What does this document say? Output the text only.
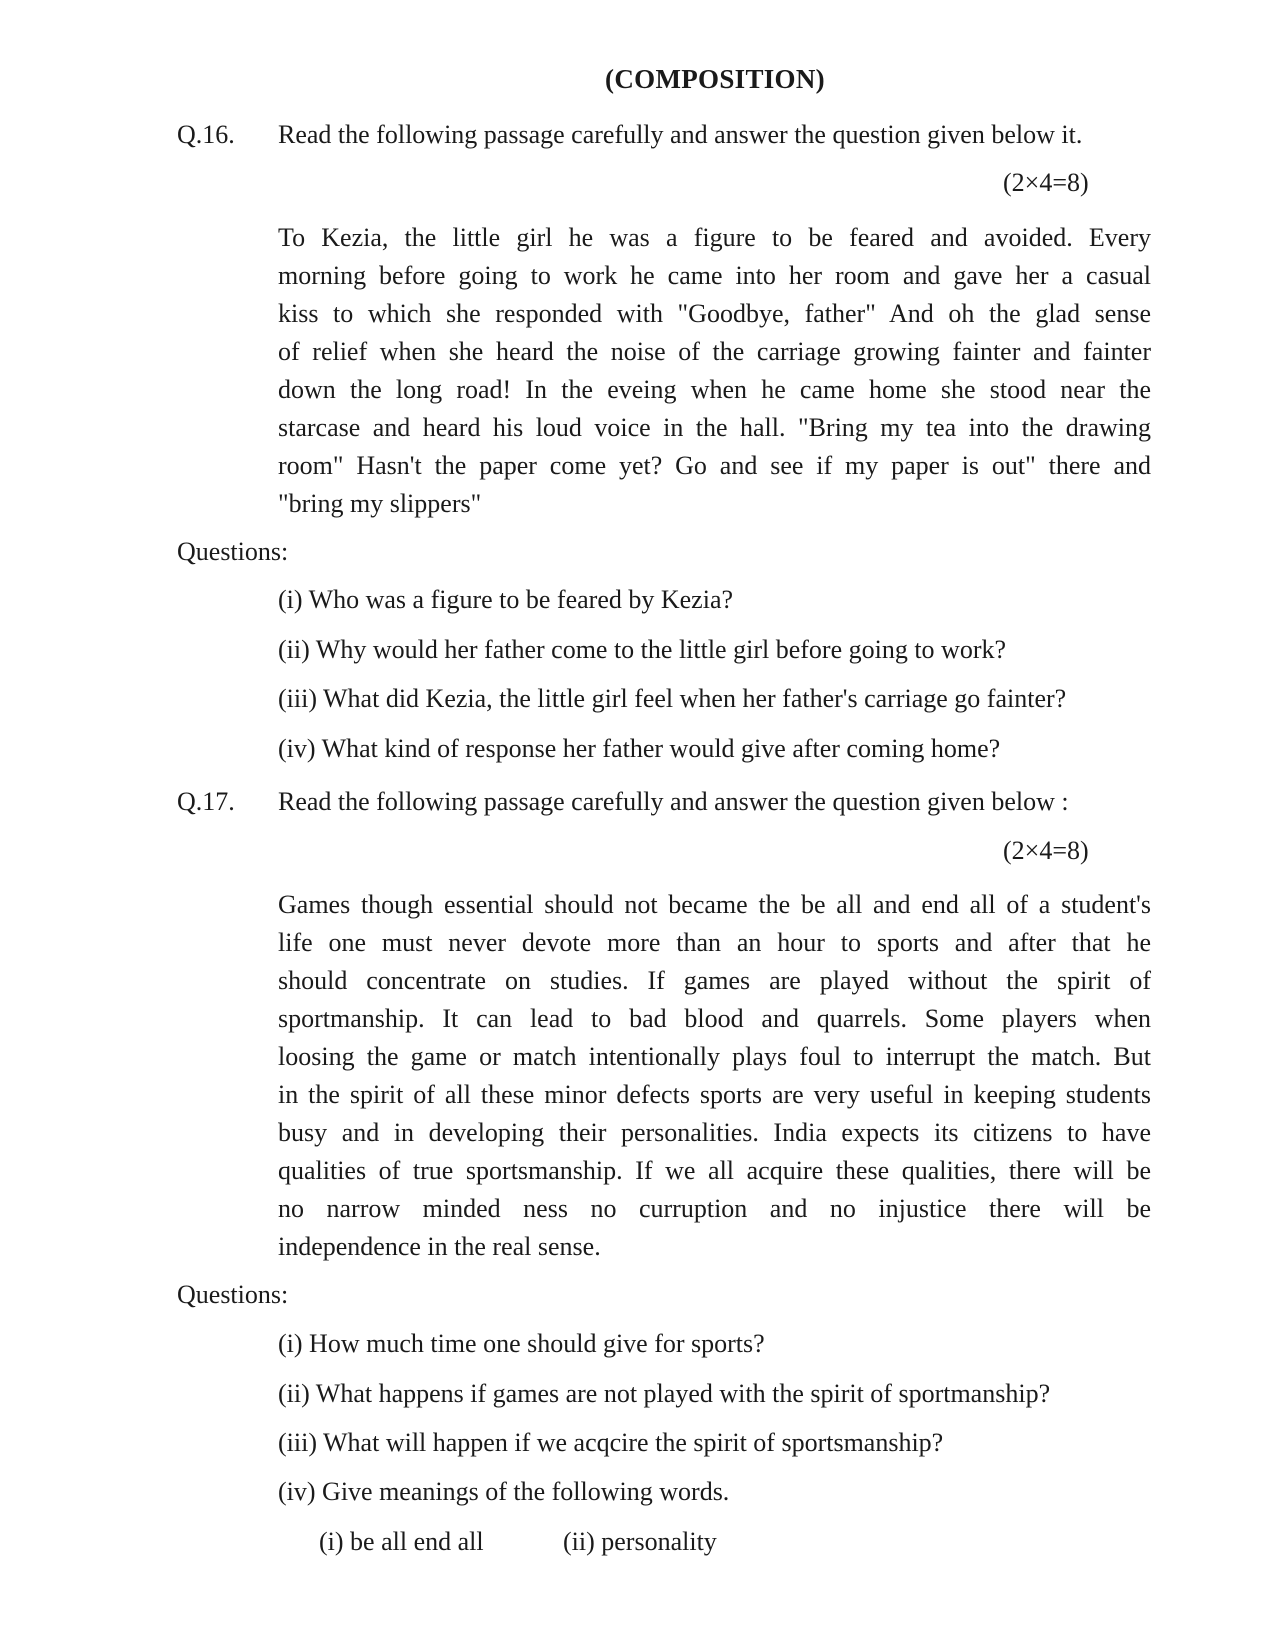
(COMPOSITION)
Q.16. Read the following passage carefully and answer the question given below it.
(2×4=8)
To Kezia, the little girl he was a figure to be feared and avoided. Every
morning before going to work he came into her room and gave her a casual
kiss to which she responded with "Goodbye, father" And oh the glad sense
of relief when she heard the noise of the carriage growing fainter and fainter
down the long road! In the eveing when he came home she stood near the
starcase and heard his loud voice in the hall. "Bring my tea into the drawing
room" Hasn't the paper come yet? Go and see if my paper is out" there and
"bring my slippers"
Questions:
(i) Who was a figure to be feared by Kezia?
(ii) Why would her father come to the little girl before going to work?
(iii) What did Kezia, the little girl feel when her father's carriage go fainter?
(iv) What kind of response her father would give after coming home?
Q.17. Read the following passage carefully and answer the question given below :
(2×4=8)
Games though essential should not became the be all and end all of a student's
life one must never devote more than an hour to sports and after that he
should concentrate on studies. If games are played without the spirit of
sportmanship. It can lead to bad blood and quarrels. Some players when
loosing the game or match intentionally plays foul to interrupt the match. But
in the spirit of all these minor defects sports are very useful in keeping students
busy and in developing their personalities. India expects its citizens to have
qualities of true sportsmanship. If we all acquire these qualities, there will be
no narrow minded ness no curruption and no injustice there will be
independence in the real sense.
Questions:
(i) How much time one should give for sports?
(ii) What happens if games are not played with the spirit of sportmanship?
(iii) What will happen if we acqcire the spirit of sportsmanship?
(iv) Give meanings of the following words.
(i) be all end all	(ii) personality
